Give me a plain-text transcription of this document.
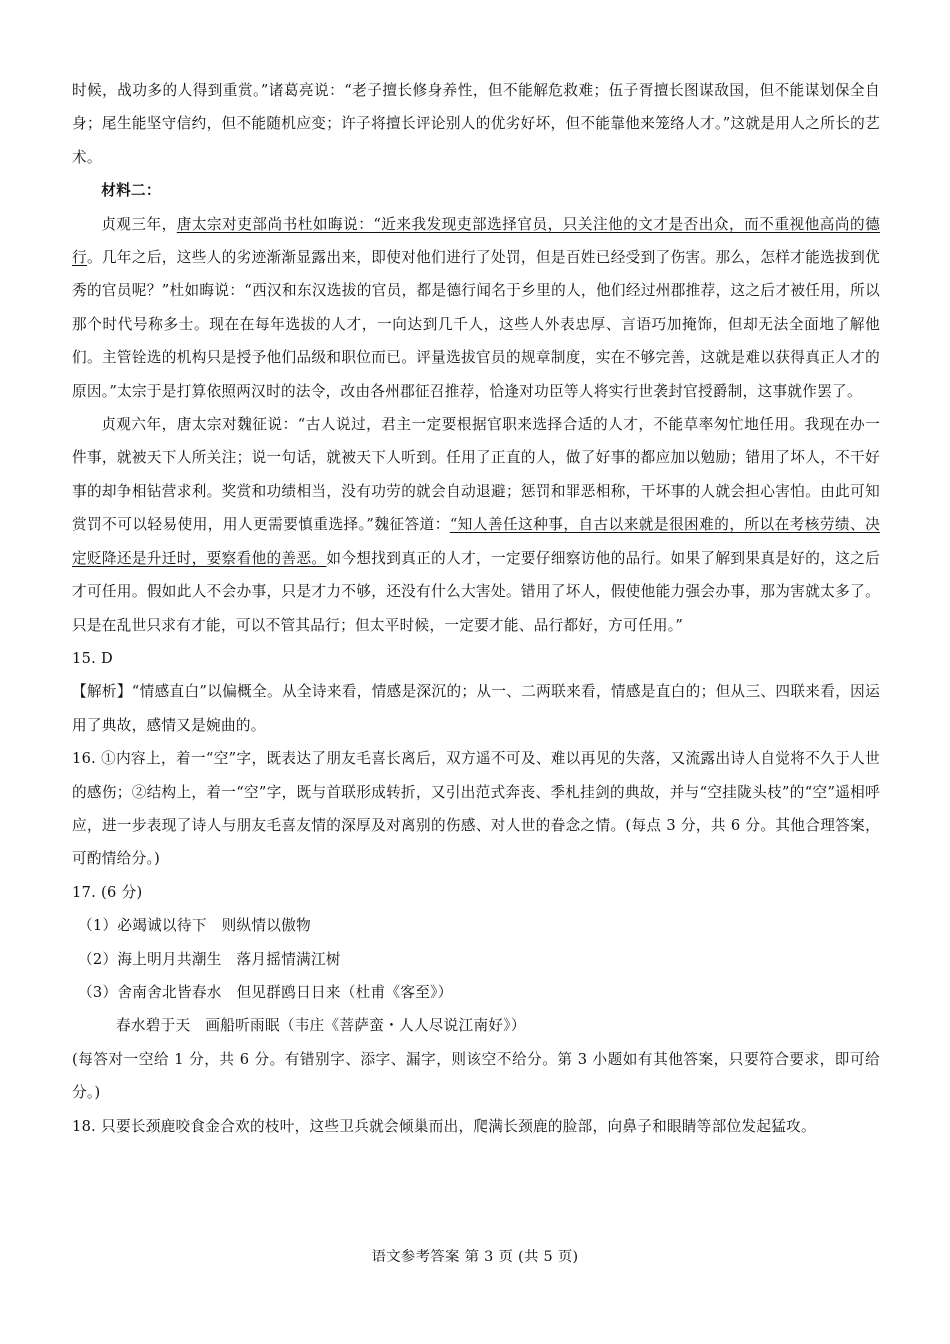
时候，战功多的人得到重赏。”诸葛亮说：“老子擅长修身养性，但不能解危救难；伍子胥擅长图谋敌国，但不能谋划保全自身；尾生能坚守信约，但不能随机应变；许子将擅长评论别人的优劣好坏，但不能靠他来笼络人才。”这就是用人之所长的艺术。

材料二：

贞观三年，唐太宗对吏部尚书杜如晦说：“近来我发现吏部选择官员，只关注他的文才是否出众，而不重视他高尚的德行。几年之后，这些人的劣迹渐渐显露出来，即使对他们进行了处罚，但是百姓已经受到了伤害。那么，怎样才能选拔到优秀的官员呢？”杜如晦说：“西汉和东汉选拔的官员，都是德行闻名于乡里的人，他们经过州郡推荐，这之后才被任用，所以那个时代号称多士。现在在每年选拔的人才，一向达到几千人，这些人外表忠厚、言语巧加掩饰，但却无法全面地了解他们。主管铨选的机构只是授予他们品级和职位而已。评量选拔官员的规章制度，实在不够完善，这就是难以获得真正人才的原因。”太宗于是打算依照两汉时的法令，改由各州郡征召推荐，恰逢对功臣等人将实行世袭封官授爵制，这事就作罢了。

贞观六年，唐太宗对魏征说：“古人说过，君主一定要根据官职来选择合适的人才，不能草率匆忙地任用。我现在办一件事，就被天下人所关注；说一句话，就被天下人听到。任用了正直的人，做了好事的都应加以勉励；错用了坏人，不干好事的却争相钻营求利。奖赏和功绩相当，没有功劳的就会自动退避；惩罚和罪恶相称，干坏事的人就会担心害怕。由此可知赏罚不可以轻易使用，用人更需要慎重选择。”魏征答道：“知人善任这种事，自古以来就是很困难的，所以在考核劳绩、决定贬降还是升迁时，要察看他的善恶。如今想找到真正的人才，一定要仔细察访他的品行。如果了解到果真是好的，这之后才可任用。假如此人不会办事，只是才力不够，还没有什么大害处。错用了坏人，假使他能力强会办事，那为害就太多了。只是在乱世只求有才能，可以不管其品行；但太平时候，一定要才能、品行都好，方可任用。”

15. D

【解析】“情感直白”以偏概全。从全诗来看，情感是深沉的；从一、二两联来看，情感是直白的；但从三、四联来看，因运用了典故，感情又是婉曲的。

16. ①内容上，着一“空”字，既表达了朋友毛喜长离后，双方遥不可及、难以再见的失落，又流露出诗人自觉将不久于人世的感伤；②结构上，着一“空”字，既与首联形成转折，又引出范式奔丧、季札挂剑的典故，并与“空挂陇头枝”的“空”遥相呼应，进一步表现了诗人与朋友毛喜友情的深厚及对离别的伤感、对人世的眷念之情。(每点 3 分，共 6 分。其他合理答案，可酌情给分。)

17. (6 分)

（1）必竭诚以待下　则纵情以傲物

（2）海上明月共潮生　落月摇情满江树

（3）舍南舍北皆春水　但见群鸥日日来（杜甫《客至》）

春水碧于天　画船听雨眠（韦庄《菩萨蛮・人人尽说江南好》）

(每答对一空给 1 分，共 6 分。有错别字、添字、漏字，则该空不给分。第 3 小题如有其他答案，只要符合要求，即可给分。)

18. 只要长颈鹿咬食金合欢的枝叶，这些卫兵就会倾巢而出，爬满长颈鹿的脸部，向鼻子和眼睛等部位发起猛攻。

语文参考答案 第 3 页 (共 5 页)
